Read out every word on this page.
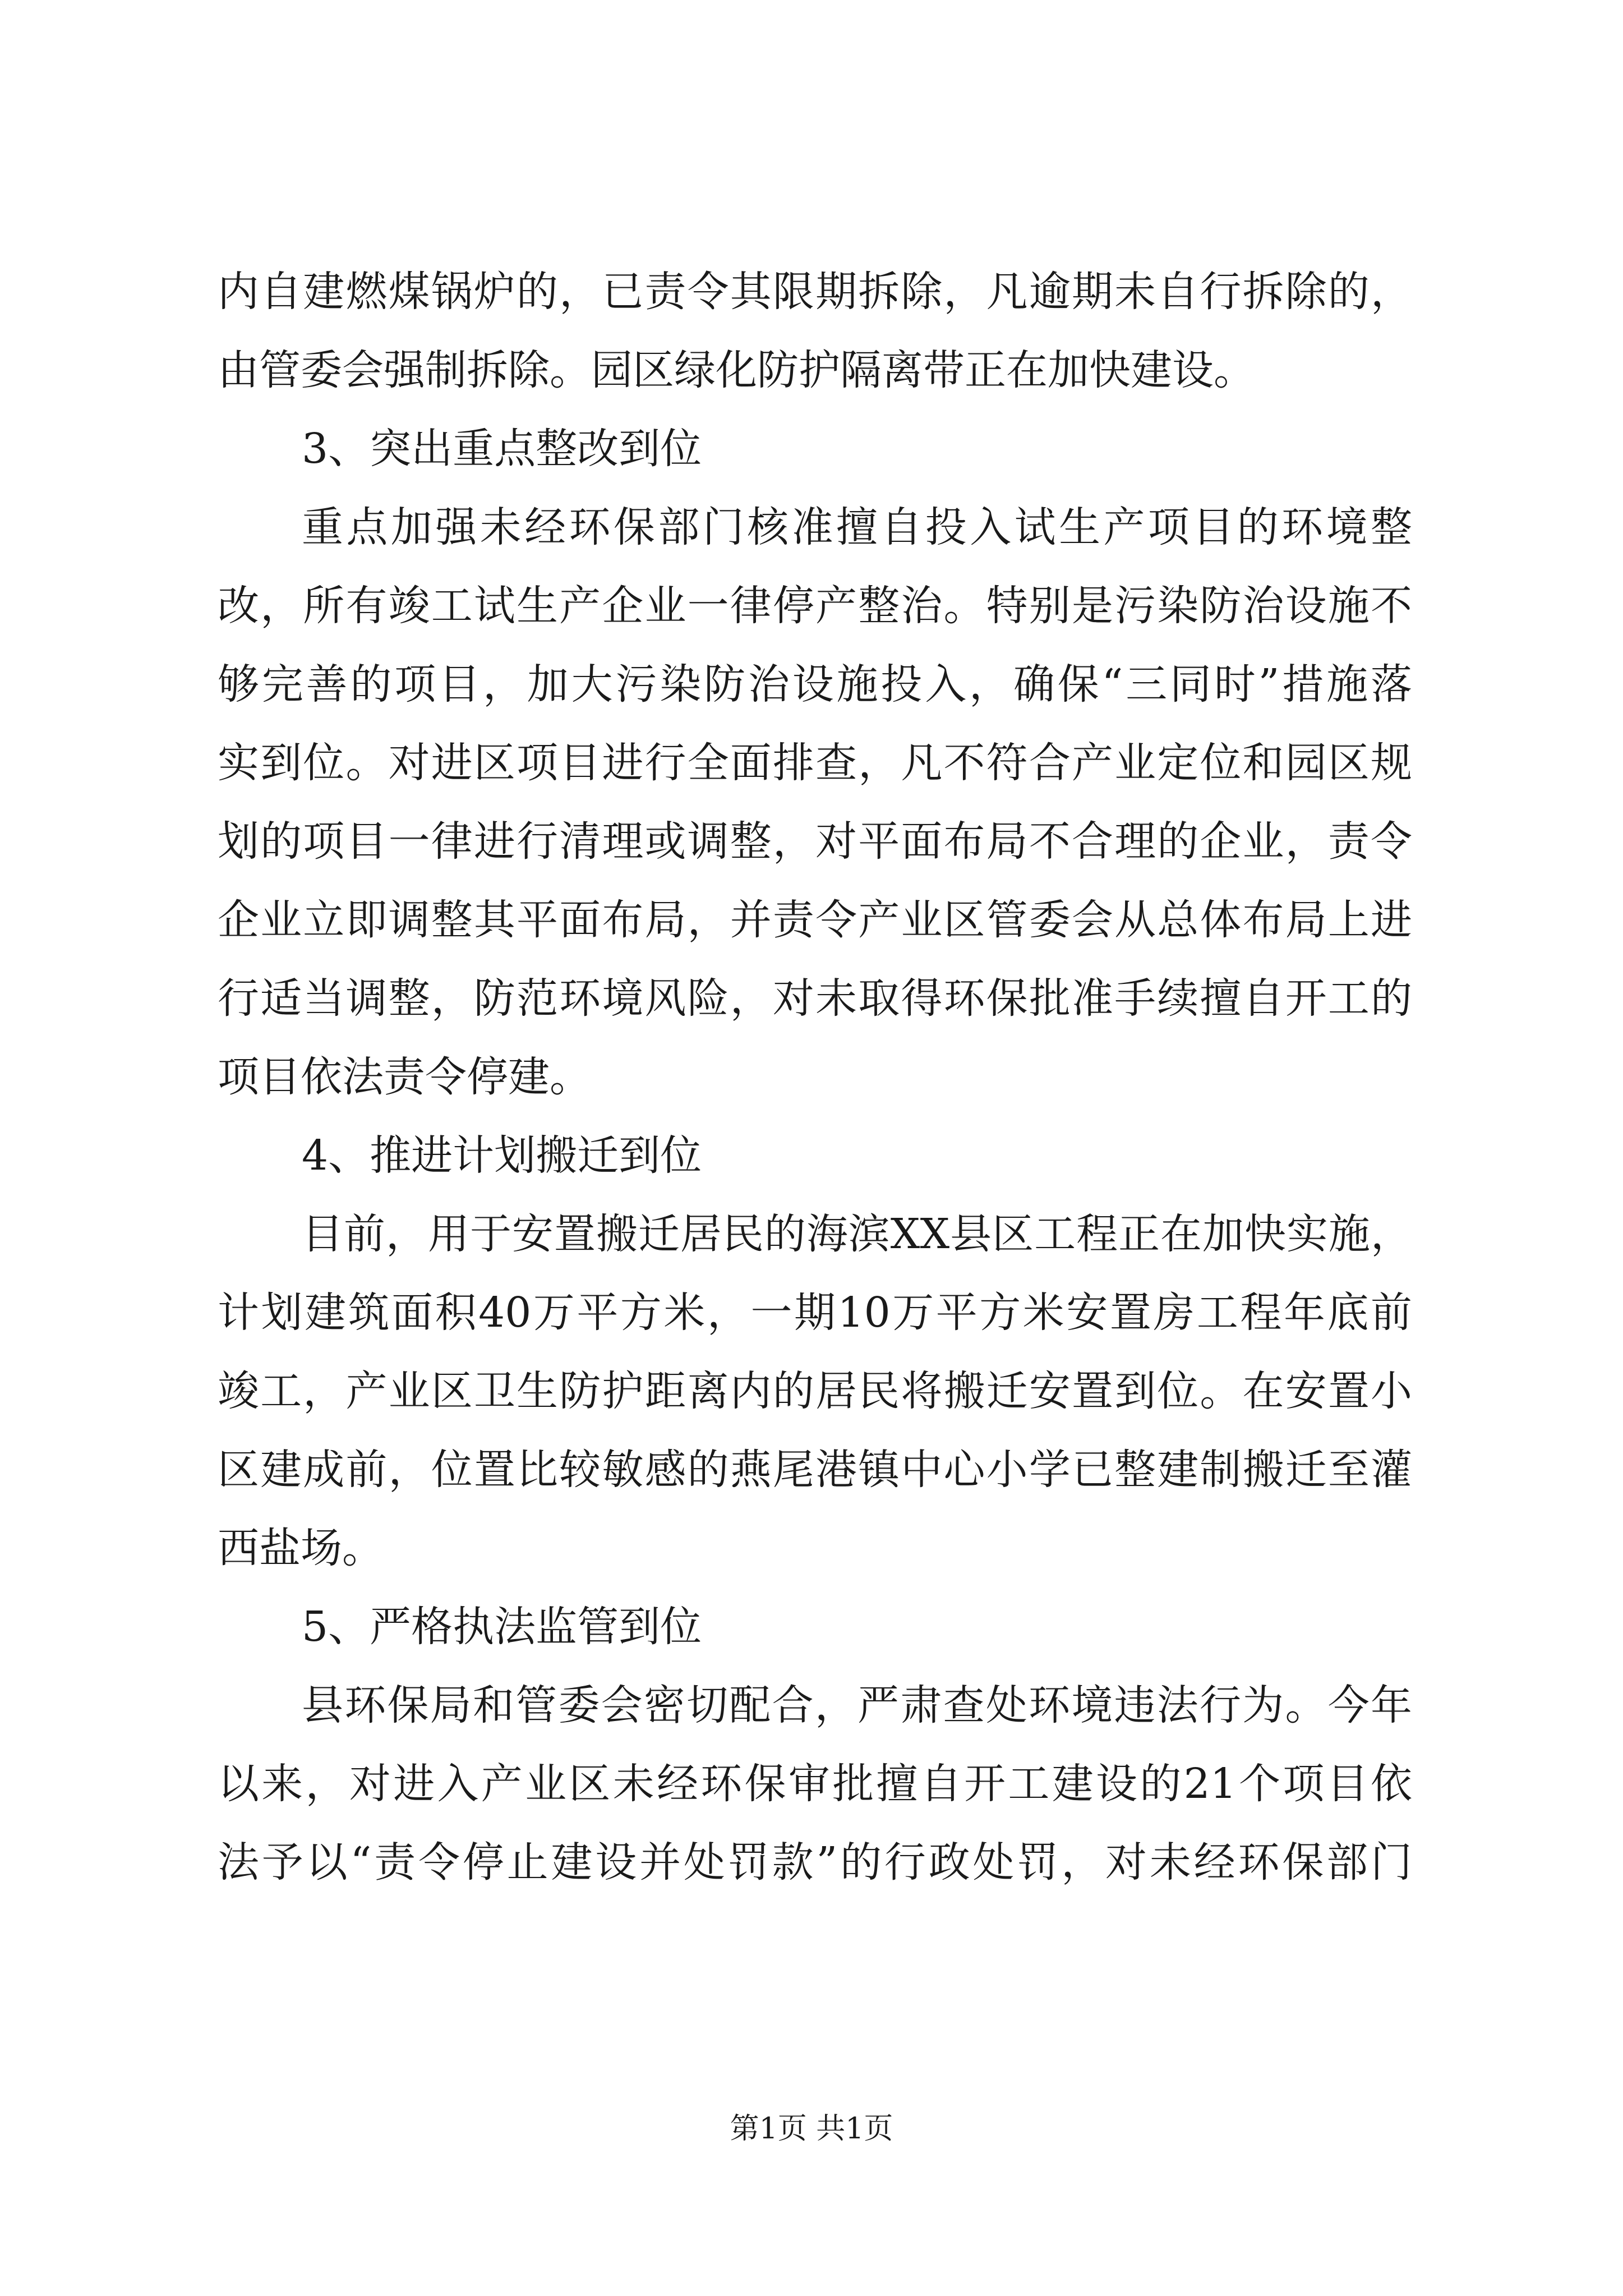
内自建燃煤锅炉的，已责令其限期拆除，凡逾期未自行拆除的，
由管委会强制拆除。园区绿化防护隔离带正在加快建设。
3、突出重点整改到位
重点加强未经环保部门核准擅自投入试生产项目的环境整
改，所有竣工试生产企业一律停产整治。特别是污染防治设施不
够完善的项目，加大污染防治设施投入，确保“三同时”措施落
实到位。对进区项目进行全面排查，凡不符合产业定位和园区规
划的项目一律进行清理或调整，对平面布局不合理的企业，责令
企业立即调整其平面布局，并责令产业区管委会从总体布局上进
行适当调整，防范环境风险，对未取得环保批准手续擅自开工的
项目依法责令停建。
4、推进计划搬迁到位
目前，用于安置搬迁居民的海滨XX县区工程正在加快实施，
计划建筑面积40万平方米，一期10万平方米安置房工程年底前
竣工，产业区卫生防护距离内的居民将搬迁安置到位。在安置小
区建成前，位置比较敏感的燕尾港镇中心小学已整建制搬迁至灌
西盐场。
5、严格执法监管到位
县环保局和管委会密切配合，严肃查处环境违法行为。今年
以来，对进入产业区未经环保审批擅自开工建设的21个项目依
法予以“责令停止建设并处罚款”的行政处罚，对未经环保部门
第1页 共1页
